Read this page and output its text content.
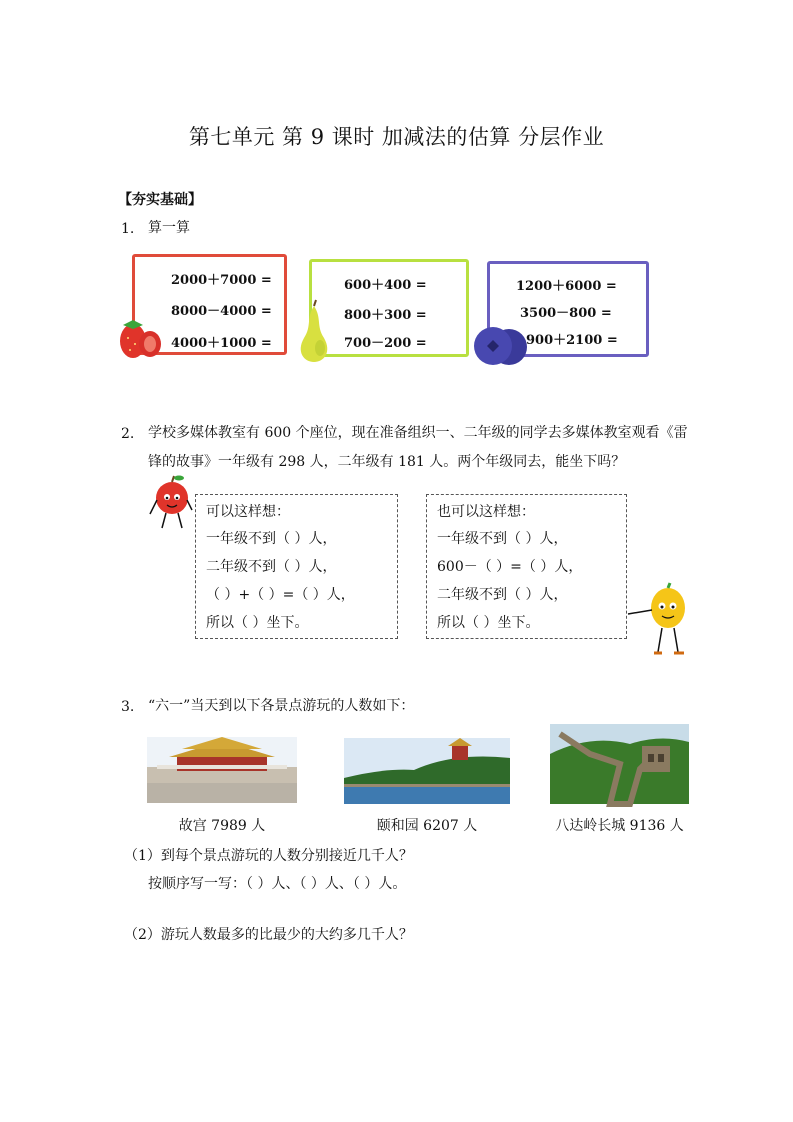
第七单元 第 9 课时 加减法的估算 分层作业
【夯实基础】
1. 算一算
2000＋7000 =
8000－4000 =
4000＋1000 =
600＋400 =
800＋300 =
700－200 =
1200＋6000 =
3500－800 =
900＋2100 =
2. 学校多媒体教室有 600 个座位，现在准备组织一、二年级的同学去多媒体教室观看《雷
锋的故事》一年级有 298 人，二年级有 181 人。两个年级同去，能坐下吗？
可以这样想：
一年级不到（ ）人，
二年级不到（ ）人，
（ ）+（ ）=（ ）人，
所以（ ）坐下。
也可以这样想：
一年级不到（ ）人，
600－（ ）=（ ）人，
二年级不到（ ）人，
所以（ ）坐下。
3. “六一”当天到以下各景点游玩的人数如下：
故宫 7989 人	颐和园 6207 人	八达岭长城 9136 人
（1）到每个景点游玩的人数分别接近几千人？
按顺序写一写：（ ）人、（ ）人、（ ）人。
（2）游玩人数最多的比最少的大约多几千人？
